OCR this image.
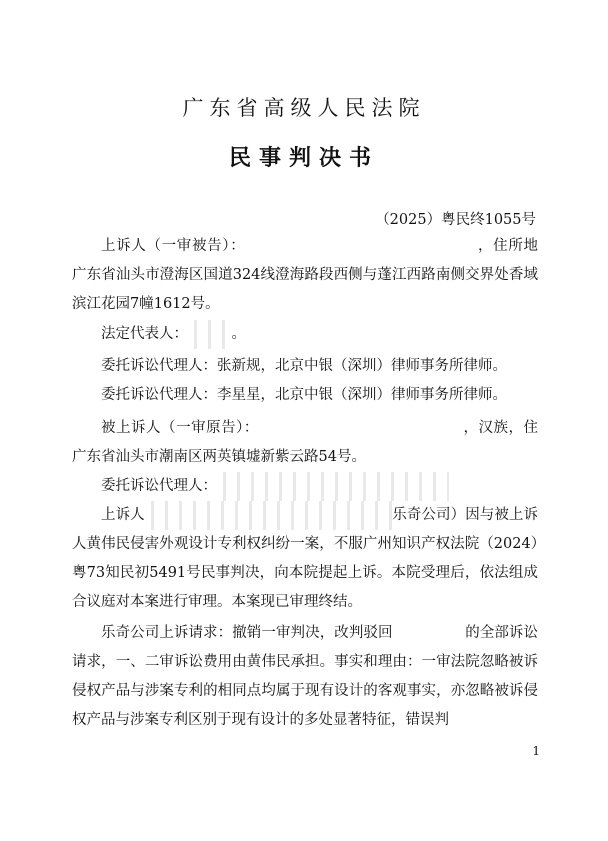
广东省高级人民法院
民事判决书
（2025）粤民终1055号

上诉人（一审被告）：	，住所地广东省汕头市澄海区国道324线澄海路段西侧与蓬江西路南侧交界处香域滨江花园7幢1612号。

法定代表人：	。

委托诉讼代理人：张新规，北京中银（深圳）律师事务所律师。

委托诉讼代理人：李星星，北京中银（深圳）律师事务所律师。

被上诉人（一审原告）：	，汉族，住广东省汕头市潮南区两英镇墟新紫云路54号。

委托诉讼代理人：

上诉人	乐奇公司）因与被上诉人黄伟民侵害外观设计专利权纠纷一案，不服广州知识产权法院（2024）粤73知民初5491号民事判决，向本院提起上诉。本院受理后，依法组成合议庭对本案进行审理。本案现已审理终结。

乐奇公司上诉请求：撤销一审判决，改判驳回	的全部诉讼请求，一、二审诉讼费用由黄伟民承担。事实和理由：一审法院忽略被诉侵权产品与涉案专利的相同点均属于现有设计的客观事实，亦忽略被诉侵权产品与涉案专利区别于现有设计的多处显著特征，错误判

1
